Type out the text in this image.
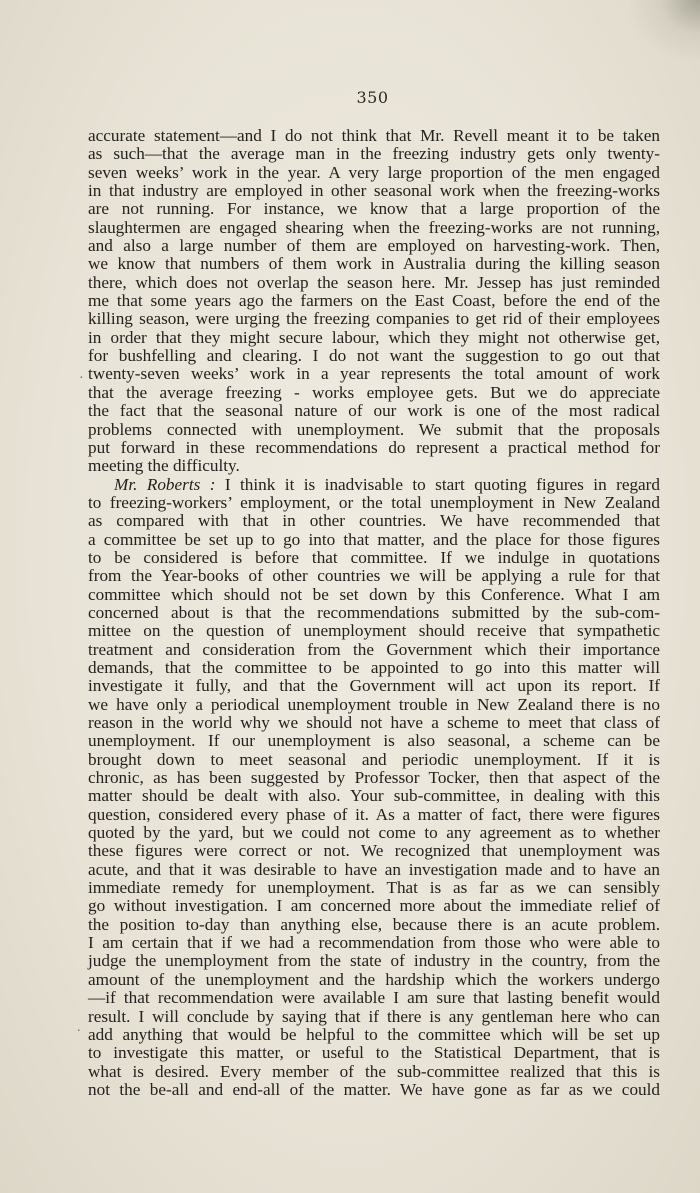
350
accurate statement—and I do not think that Mr. Revell meant it to be taken
as such—that the average man in the freezing industry gets only twenty-
seven weeks’ work in the year. A very large proportion of the men engaged
in that industry are employed in other seasonal work when the freezing-works
are not running. For instance, we know that a large proportion of the
slaughtermen are engaged shearing when the freezing-works are not running,
and also a large number of them are employed on harvesting-work. Then,
we know that numbers of them work in Australia during the killing season
there, which does not overlap the season here. Mr. Jessep has just reminded
me that some years ago the farmers on the East Coast, before the end of the
killing season, were urging the freezing companies to get rid of their employees
in order that they might secure labour, which they might not otherwise get,
for bushfelling and clearing. I do not want the suggestion to go out that
twenty-seven weeks’ work in a year represents the total amount of work
that the average freezing - works employee gets. But we do appreciate
the fact that the seasonal nature of our work is one of the most radical
problems connected with unemployment. We submit that the proposals
put forward in these recommendations do represent a practical method for
meeting the difficulty.
Mr. Roberts : I think it is inadvisable to start quoting figures in regard
to freezing-workers’ employment, or the total unemployment in New Zealand
as compared with that in other countries. We have recommended that
a committee be set up to go into that matter, and the place for those figures
to be considered is before that committee. If we indulge in quotations
from the Year-books of other countries we will be applying a rule for that
committee which should not be set down by this Conference. What I am
concerned about is that the recommendations submitted by the sub-com-
mittee on the question of unemployment should receive that sympathetic
treatment and consideration from the Government which their importance
demands, that the committee to be appointed to go into this matter will
investigate it fully, and that the Government will act upon its report. If
we have only a periodical unemployment trouble in New Zealand there is no
reason in the world why we should not have a scheme to meet that class of
unemployment. If our unemployment is also seasonal, a scheme can be
brought down to meet seasonal and periodic unemployment. If it is
chronic, as has been suggested by Professor Tocker, then that aspect of the
matter should be dealt with also. Your sub-committee, in dealing with this
question, considered every phase of it. As a matter of fact, there were figures
quoted by the yard, but we could not come to any agreement as to whether
these figures were correct or not. We recognized that unemployment was
acute, and that it was desirable to have an investigation made and to have an
immediate remedy for unemployment. That is as far as we can sensibly
go without investigation. I am concerned more about the immediate relief of
the position to-day than anything else, because there is an acute problem.
I am certain that if we had a recommendation from those who were able to
judge the unemployment from the state of industry in the country, from the
amount of the unemployment and the hardship which the workers undergo
—if that recommendation were available I am sure that lasting benefit would
result. I will conclude by saying that if there is any gentleman here who can
add anything that would be helpful to the committee which will be set up
to investigate this matter, or useful to the Statistical Department, that is
what is desired. Every member of the sub-committee realized that this is
not the be-all and end-all of the matter. We have gone as far as we could
·
.
